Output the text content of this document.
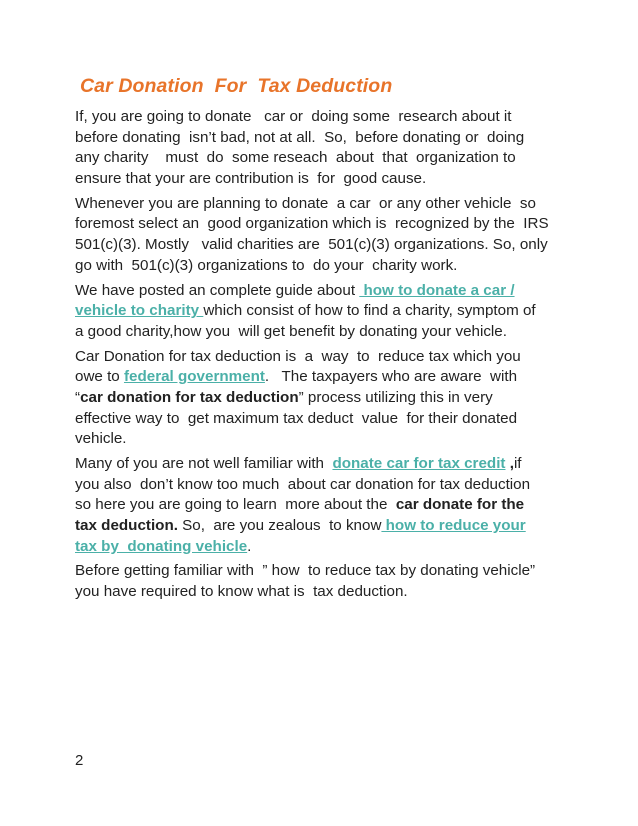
Car Donation  For  Tax Deduction
If, you are going to donate   car or  doing some  research about it
before donating  isn’t bad, not at all.  So,  before donating or  doing
any charity    must  do  some reseach  about  that  organization to
ensure that your are contribution is  for  good cause.
Whenever you are planning to donate  a car  or any other vehicle  so
foremost select an  good organization which is  recognized by the  IRS
501(c)(3). Mostly   valid charities are  501(c)(3) organizations. So, only
go with  501(c)(3) organizations to  do your  charity work.
We have posted an complete guide about  how to donate a car /
vehicle to charity which consist of how to find a charity, symptom of
a good charity,how you  will get benefit by donating your vehicle.
Car Donation for tax deduction is  a  way  to  reduce tax which you
owe to federal government.   The taxpayers who are aware  with
“car donation for tax deduction” process utilizing this in very
effective way to  get maximum tax deduct  value  for their donated
vehicle.
Many of you are not well familiar with  donate car for tax credit ,if
you also  don’t know too much  about car donation for tax deduction
so here you are going to learn  more about the  car donate for the
tax deduction. So,  are you zealous  to know how to reduce your
tax by  donating vehicle.
Before getting familiar with  ” how  to reduce tax by donating vehicle”
you have required to know what is  tax deduction.
2
